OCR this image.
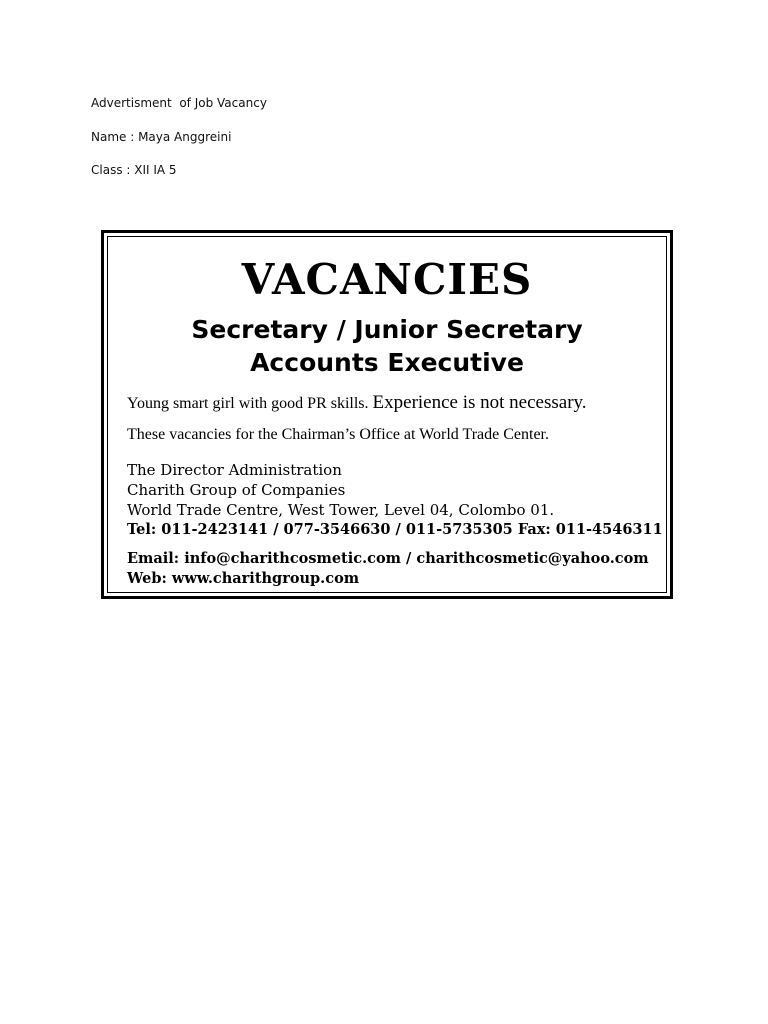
Advertisment  of Job Vacancy
Name : Maya Anggreini
Class : XII IA 5
VACANCIES
Secretary / Junior Secretary
Accounts Executive
Young smart girl with good PR skills. Experience is not necessary.
These vacancies for the Chairman’s Office at World Trade Center.
The Director Administration
Charith Group of Companies
World Trade Centre, West Tower, Level 04, Colombo 01.
Tel: 011-2423141 / 077-3546630 / 011-5735305 Fax: 011-4546311
Email: info@charithcosmetic.com / charithcosmetic@yahoo.com
Web: www.charithgroup.com
